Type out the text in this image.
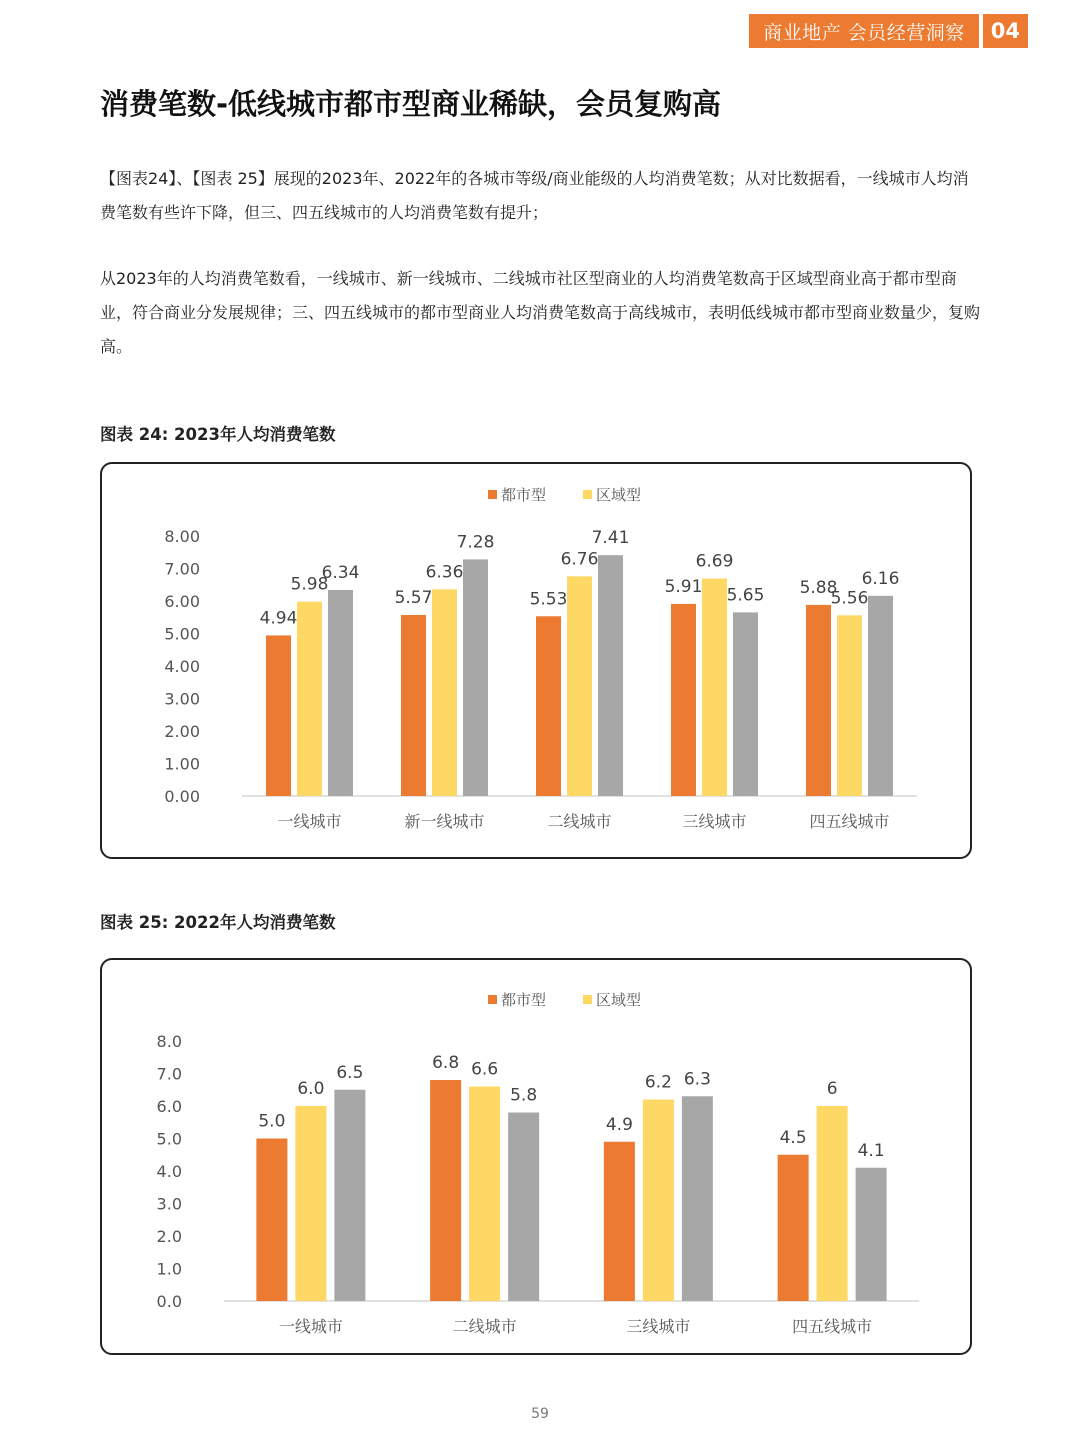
商业地产 会员经营洞察	04
消费笔数-低线城市都市型商业稀缺，会员复购高

【图表24】、【图表 25】展现的2023年、2022年的各城市等级/商业能级的人均消费笔数；从对比数据看，一线城市人均消费笔数有些许下降，但三、四五线城市的人均消费笔数有提升；

从2023年的人均消费笔数看，一线城市、新一线城市、二线城市社区型商业的人均消费笔数高于区域型商业高于都市型商业，符合商业分发展规律；三、四五线城市的都市型商业人均消费笔数高于高线城市，表明低线城市都市型商业数量少，复购高。

图表 24: 2023年人均消费笔数
都市型	区域型
0.00
1.00
2.00
3.00
4.00
5.00
6.00
7.00
8.00
4.94
5.98
6.34
一线城市
5.57
6.36
7.28
新一线城市
5.53
6.76
7.41
二线城市
5.91
6.69
5.65
三线城市
5.88
5.56
6.16
四五线城市
图表 25: 2022年人均消费笔数
都市型	区域型
0.0
1.0
2.0
3.0
4.0
5.0
6.0
7.0
8.0
5.0
6.0
6.5
一线城市
6.8 6.6
5.8
二线城市
4.9
6.2 6.3
三线城市
4.5
6
4.1
四五线城市
59
